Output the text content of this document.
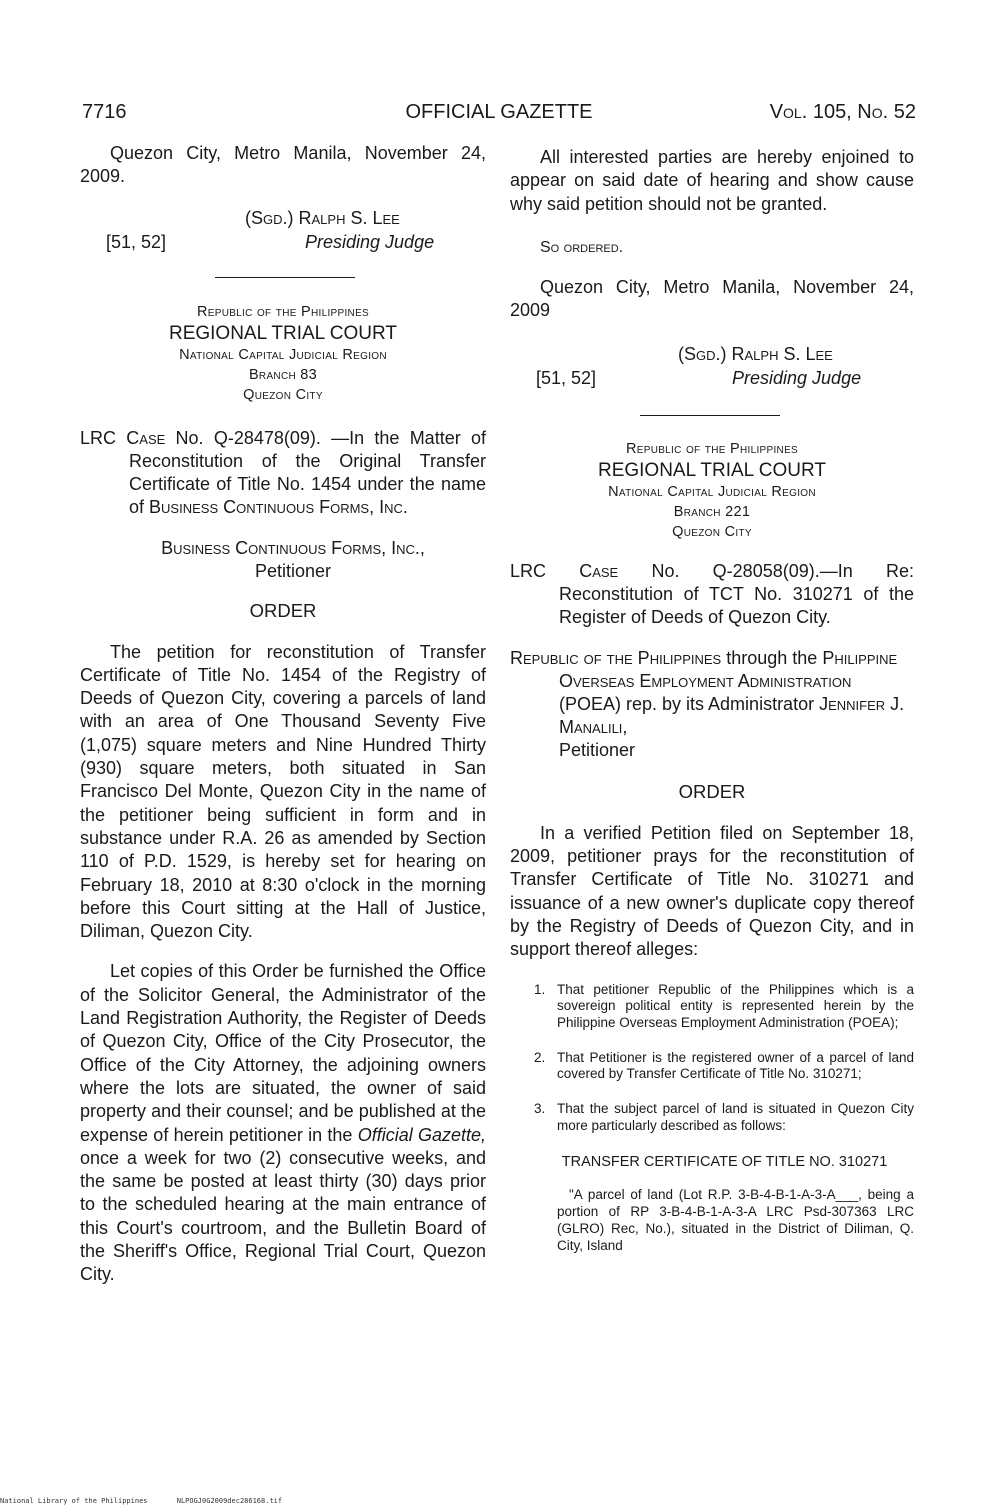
7716	OFFICIAL GAZETTE	Vol. 105, No. 52

Quezon City, Metro Manila, November 24, 2009.

(Sgd.) Ralph S. Lee
[51, 52]	Presiding Judge
Republic of the Philippines
REGIONAL TRIAL COURT
National Capital Judicial Region
Branch 83
Quezon City
LRC Case No. Q-28478(09). —In the Matter of Reconstitution of the Original Transfer Certificate of Title No. 1454 under the name of Business Continuous Forms, Inc.
Business Continuous Forms, Inc.,
Petitioner
ORDER

The petition for reconstitution of Transfer Certificate of Title No. 1454 of the Registry of Deeds of Quezon City, covering a parcels of land with an area of One Thousand Seventy Five (1,075) square meters and Nine Hundred Thirty (930) square meters, both situated in San Francisco Del Monte, Quezon City in the name of the petitioner being sufficient in form and in substance under R.A. 26 as amended by Section 110 of P.D. 1529, is hereby set for hearing on February 18, 2010 at 8:30 o'clock in the morning before this Court sitting at the Hall of Justice, Diliman, Quezon City.

Let copies of this Order be furnished the Office of the Solicitor General, the Administrator of the Land Registration Authority, the Register of Deeds of Quezon City, Office of the City Prosecutor, the Office of the City Attorney, the adjoining owners where the lots are situated, the owner of said property and their counsel; and be published at the expense of herein petitioner in the Official Gazette, once a week for two (2) consecutive weeks, and the same be posted at least thirty (30) days prior to the scheduled hearing at the main entrance of this Court's courtroom, and the Bulletin Board of the Sheriff's Office, Regional Trial Court, Quezon City.

All interested parties are hereby enjoined to appear on said date of hearing and show cause why said petition should not be granted.

So ordered.

Quezon City, Metro Manila, November 24, 2009

(Sgd.) Ralph S. Lee
[51, 52]	Presiding Judge
Republic of the Philippines
REGIONAL TRIAL COURT
National Capital Judicial Region
Branch 221
Quezon City
LRC Case No. Q-28058(09).—In Re: Reconstitution of TCT No. 310271 of the Register of Deeds of Quezon City.
Republic of the Philippines through the Philippine Overseas Employment Administration (POEA) rep. by its Administrator Jennifer J. Manalili,
Petitioner
ORDER

In a verified Petition filed on September 18, 2009, petitioner prays for the reconstitution of Transfer Certificate of Title No. 310271 and issuance of a new owner's duplicate copy thereof by the Registry of Deeds of Quezon City, and in support thereof alleges:

1. That petitioner Republic of the Philippines which is a sovereign political entity is represented herein by the Philippine Overseas Employment Administration (POEA);
2. That Petitioner is the registered owner of a parcel of land covered by Transfer Certificate of Title No. 310271;
3. That the subject parcel of land is situated in Quezon City more particularly described as follows:
TRANSFER CERTIFICATE OF TITLE NO. 310271

"A parcel of land (Lot R.P. 3-B-4-B-1-A-3-A___, being a portion of RP 3-B-4-B-1-A-3-A LRC Psd-307363 LRC (GLRO) Rec, No.), situated in the District of Diliman, Q. City, Island

National Library of the Philippines	NLPOGJ0G2009dec286168.tif
